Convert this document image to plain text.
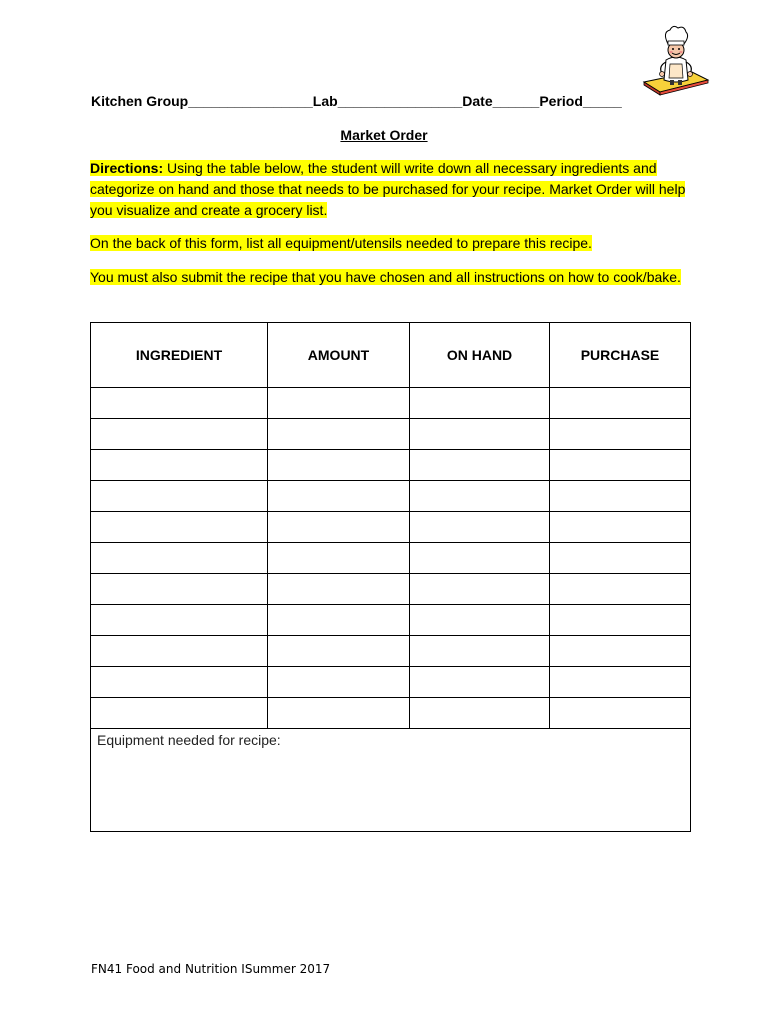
Kitchen Group________________Lab________________Date______Period_____
Market Order
Directions: Using the table below, the student will write down all necessary ingredients and categorize on hand and those that needs to be purchased for your recipe. Market Order will help you visualize and create a grocery list.
On the back of this form, list all equipment/utensils needed to prepare this recipe.
You must also submit the recipe that you have chosen and all instructions on how to cook/bake.
INGREDIENT	AMOUNT	ON HAND	PURCHASE

Equipment needed for recipe:			
FN41 Food and Nutrition ISummer 2017
